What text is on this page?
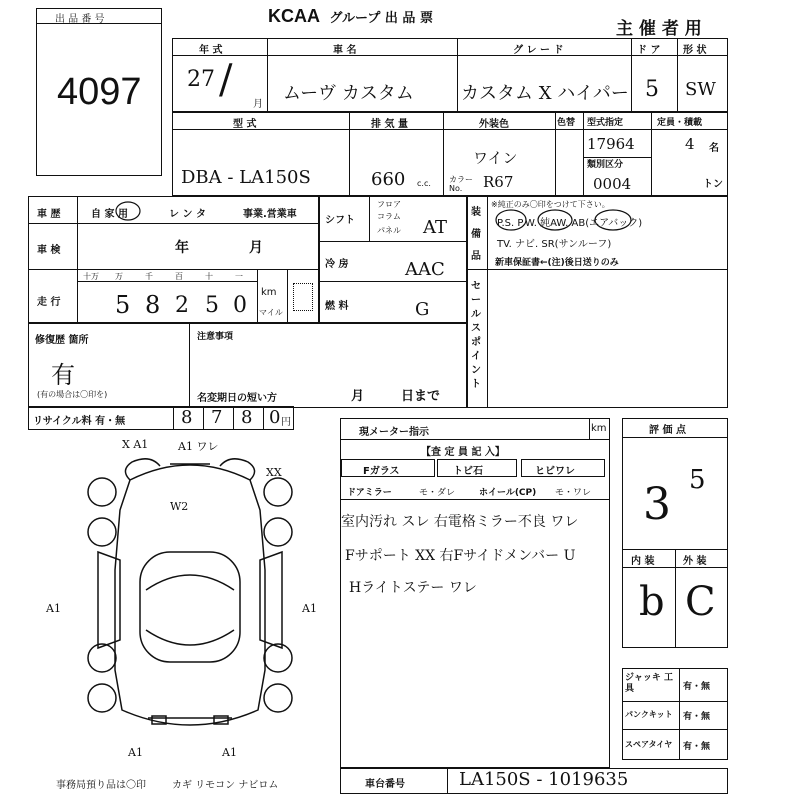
出 品 番 号
4097
KCAA グループ 出 品 票
主 催 者 用
年 式
27 /
月
車 名
ムーヴ カスタム
グ レ ー ド
カスタム X ハイパー
ド ア
5
形 状
SW
型 式
DBA - LA150S
排 気 量
660 c.c.
外装色
ワイン
カラー No.	R67
色替 型式指定
17964
類別区分
0004
定員・積載
4 名
トン
車 歴	自 家 用	レ ン タ	事業.営業車
車 検	年	月
走 行
十万 万	千	百	十	一
5 8 2 5 0
km
マイル
シフト
フロア
コラム
パネル AT
冷 房	AAC
燃 料	G
装
備
品
※純正のみ〇印をつけて下さい。
P.S. P.W. 純AW. AB(エアバック)
TV. ナビ. SR(サンルーフ)
新車保証書←(注)後日送りのみ
セ
ー
ル
ス
ポ
イ
ン
ト
修復歴 箇所
有
(有の場合は〇印を)
注意事項
名変期日の短い方	月	日まで
リサイクル料 有・無	8 7 8 0 円
X A1	A1 ワレ
XX
W2
A1	A1
A1	A1
現メーター指示	km
【査 定 員 記 入】
Fガラス	トビ石	ヒビワレ
ドアミラー	モ・ダレ	ホイール(CP) モ・ワレ
室内汚れ スレ 右電格ミラー不良 ワレ
Fサポート XX 右Fサイドメンバー U
Hライトステー ワレ
評 価 点
3 5
内 装	外 装
b C
ジャッキ 工 具	有・無
パンクキット 有・無
スペアタイヤ 有・無
事務局預り品は〇印	カギ リモコン ナビロム	車台番号	LA150S - 1019635
